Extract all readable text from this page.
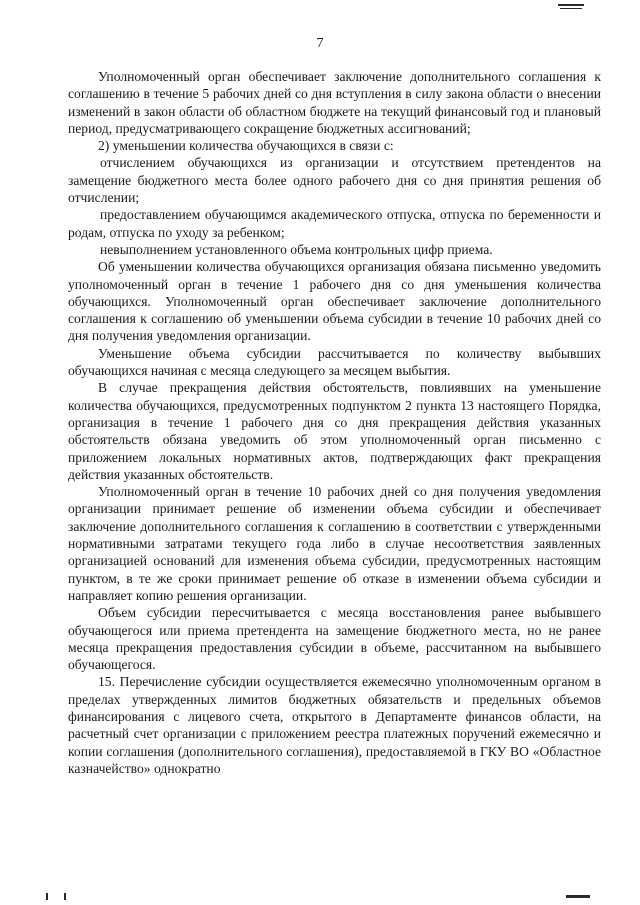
7

Уполномоченный орган обеспечивает заключение дополнительного соглашения к соглашению в течение 5 рабочих дней со дня вступления в силу закона области о внесении изменений в закон области об областном бюджете на текущий финансовый год и плановый период, предусматривающего сокращение бюджетных ассигнований;

2) уменьшении количества обучающихся в связи с:

отчислением обучающихся из организации и отсутствием претендентов на замещение бюджетного места более одного рабочего дня со дня принятия решения об отчислении;

предоставлением обучающимся академического отпуска, отпуска по беременности и родам, отпуска по уходу за ребенком;

невыполнением установленного объема контрольных цифр приема.

Об уменьшении количества обучающихся организация обязана письменно уведомить уполномоченный орган в течение 1 рабочего дня со дня уменьшения количества обучающихся. Уполномоченный орган обеспечивает заключение дополнительного соглашения к соглашению об уменьшении объема субсидии в течение 10 рабочих дней со дня получения уведомления организации.

Уменьшение объема субсидии рассчитывается по количеству выбывших обучающихся начиная с месяца следующего за месяцем выбытия.

В случае прекращения действия обстоятельств, повлиявших на уменьшение количества обучающихся, предусмотренных подпунктом 2 пункта 13 настоящего Порядка, организация в течение 1 рабочего дня со дня прекращения действия указанных обстоятельств обязана уведомить об этом уполномоченный орган письменно с приложением локальных нормативных актов, подтверждающих факт прекращения действия указанных обстоятельств.

Уполномоченный орган в течение 10 рабочих дней со дня получения уведомления организации принимает решение об изменении объема субсидии и обеспечивает заключение дополнительного соглашения к соглашению в соответствии с утвержденными нормативными затратами текущего года либо в случае несоответствия заявленных организацией оснований для изменения объема субсидии, предусмотренных настоящим пунктом, в те же сроки принимает решение об отказе в изменении объема субсидии и направляет копию решения организации.

Объем субсидии пересчитывается с месяца восстановления ранее выбывшего обучающегося или приема претендента на замещение бюджетного места, но не ранее месяца прекращения предоставления субсидии в объеме, рассчитанном на выбывшего обучающегося.

15. Перечисление субсидии осуществляется ежемесячно уполномоченным органом в пределах утвержденных лимитов бюджетных обязательств и предельных объемов финансирования с лицевого счета, открытого в Департаменте финансов области, на расчетный счет организации с приложением реестра платежных поручений ежемесячно и копии соглашения (дополнительного соглашения), предоставляемой в ГКУ ВО «Областное казначейство» однократно
